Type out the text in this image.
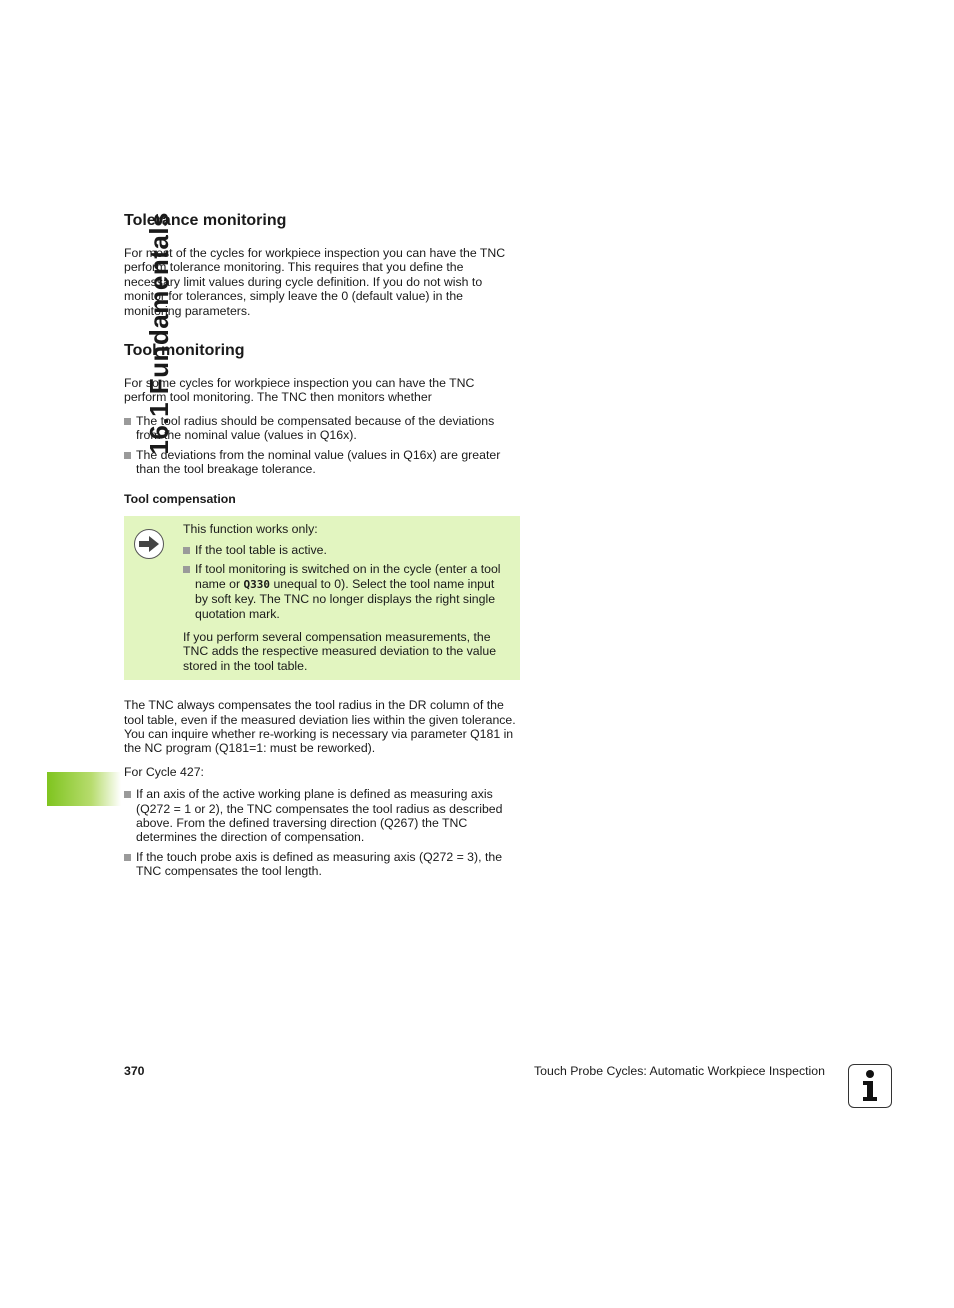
16.1 Fundamentals
Tolerance monitoring

For most of the cycles for workpiece inspection you can have the TNC perform tolerance monitoring. This requires that you define the necessary limit values during cycle definition. If you do not wish to monitor for tolerances, simply leave the 0 (default value) in the monitoring parameters.

Tool monitoring

For some cycles for workpiece inspection you can have the TNC perform tool monitoring. The TNC then monitors whether

The tool radius should be compensated because of the deviations from the nominal value (values in Q16x).
The deviations from the nominal value (values in Q16x) are greater than the tool breakage tolerance.
Tool compensation

This function works only:

If the tool table is active.
If tool monitoring is switched on in the cycle (enter a tool name or Q330 unequal to 0). Select the tool name input by soft key. The TNC no longer displays the right single quotation mark.

If you perform several compensation measurements, the TNC adds the respective measured deviation to the value stored in the tool table.

The TNC always compensates the tool radius in the DR column of the tool table, even if the measured deviation lies within the given tolerance. You can inquire whether re-working is necessary via parameter Q181 in the NC program (Q181=1: must be reworked).

For Cycle 427:

If an axis of the active working plane is defined as measuring axis (Q272 = 1 or 2), the TNC compensates the tool radius as described above. From the defined traversing direction (Q267) the TNC determines the direction of compensation.
If the touch probe axis is defined as measuring axis (Q272 = 3), the TNC compensates the tool length.
370	Touch Probe Cycles: Automatic Workpiece Inspection
